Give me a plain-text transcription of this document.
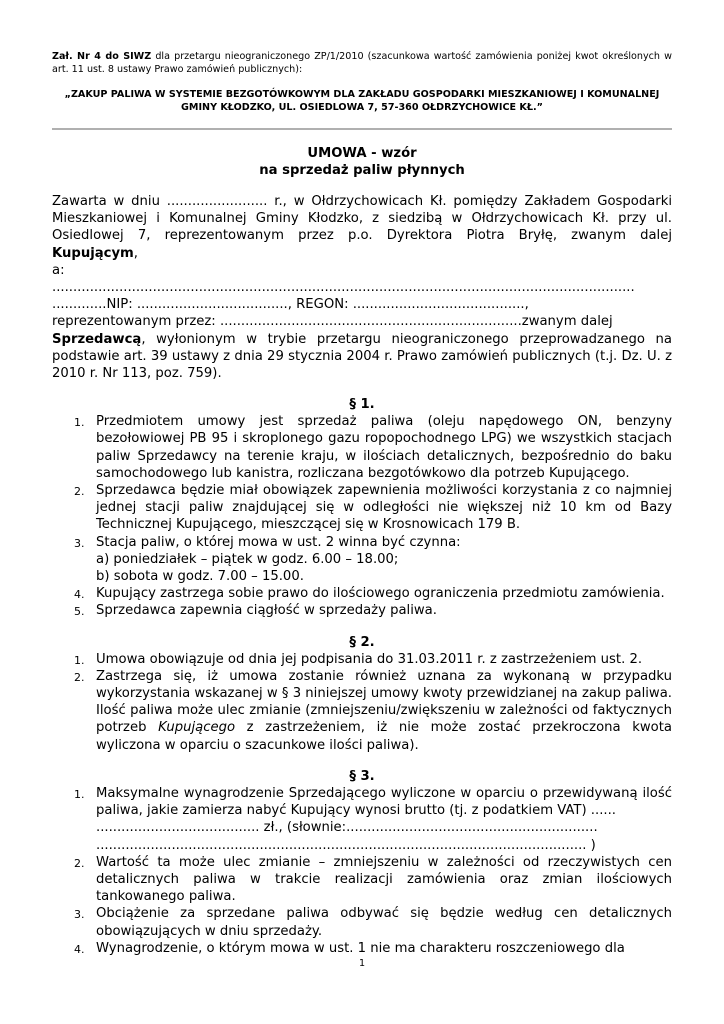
Zał. Nr 4 do SIWZ dla przetargu nieograniczonego ZP/1/2010 (szacunkowa wartość zamówienia poniżej kwot określonych w art. 11 ust. 8 ustawy Prawo zamówień publicznych):
„ZAKUP PALIWA W SYSTEMIE BEZGOTÓWKOWYM DLA ZAKŁADU GOSPODARKI MIESZKANIOWEJ I KOMUNALNEJ GMINY KŁODZKO, UL. OSIEDLOWA 7, 57-360 OŁDRZYCHOWICE KŁ.”
UMOWA - wzór
na sprzedaż paliw płynnych

Zawarta w dniu ........................ r., w Ołdrzychowicach Kł. pomiędzy Zakładem Gospodarki Mieszkaniowej i Komunalnej Gminy Kłodzko, z siedzibą w Ołdrzychowicach Kł. przy ul. Osiedlowej 7, reprezentowanym przez p.o. Dyrektora Piotra Bryłę, zwanym dalej Kupującym,

a:
...........................................................................................................................................
.............NIP: ...................................., REGON: .........................................,
reprezentowanym przez: ........................................................................zwanym dalej

Sprzedawcą, wyłonionym w trybie przetargu nieograniczonego przeprowadzanego na podstawie art. 39 ustawy z dnia 29 stycznia 2004 r. Prawo zamówień publicznych (t.j. Dz. U. z 2010 r. Nr 113, poz. 759).

§ 1.
1. Przedmiotem umowy jest sprzedaż paliwa (oleju napędowego ON, benzyny bezołowiowej PB 95 i skroplonego gazu ropopochodnego LPG) we wszystkich stacjach paliw Sprzedawcy na terenie kraju, w ilościach detalicznych, bezpośrednio do baku samochodowego lub kanistra, rozliczana bezgotówkowo dla potrzeb Kupującego.
2. Sprzedawca będzie miał obowiązek zapewnienia możliwości korzystania z co najmniej jednej stacji paliw znajdującej się w odległości nie większej niż 10 km od Bazy Technicznej Kupującego, mieszczącej się w Krosnowicach 179 B.
3. Stacja paliw, o której mowa w ust. 2 winna być czynna:
a) poniedziałek – piątek w godz. 6.00 – 18.00;
b) sobota w godz. 7.00 – 15.00.
4. Kupujący zastrzega sobie prawo do ilościowego ograniczenia przedmiotu zamówienia.
5. Sprzedawca zapewnia ciągłość w sprzedaży paliwa.
§ 2.
1. Umowa obowiązuje od dnia jej podpisania do 31.03.2011 r. z zastrzeżeniem ust. 2.
2. Zastrzega się, iż umowa zostanie również uznana za wykonaną w przypadku wykorzystania wskazanej w § 3 niniejszej umowy kwoty przewidzianej na zakup paliwa. Ilość paliwa może ulec zmianie (zmniejszeniu/zwiększeniu w zależności od faktycznych potrzeb Kupującego z zastrzeżeniem, iż nie może zostać przekroczona kwota wyliczona w oparciu o szacunkowe ilości paliwa).
§ 3.
1. Maksymalne wynagrodzenie Sprzedającego wyliczone w oparciu o przewidywaną ilość paliwa, jakie zamierza nabyć Kupujący wynosi brutto (tj. z podatkiem VAT) ......
....................................... zł., (słownie:............................................................
..................................................................................................................... )
2. Wartość ta może ulec zmianie – zmniejszeniu w zależności od rzeczywistych cen detalicznych paliwa w trakcie realizacji zamówienia oraz zmian ilościowych tankowanego paliwa.
3. Obciążenie za sprzedane paliwa odbywać się będzie według cen detalicznych obowiązujących w dniu sprzedaży.
4. Wynagrodzenie, o którym mowa w ust. 1 nie ma charakteru roszczeniowego dla
1
